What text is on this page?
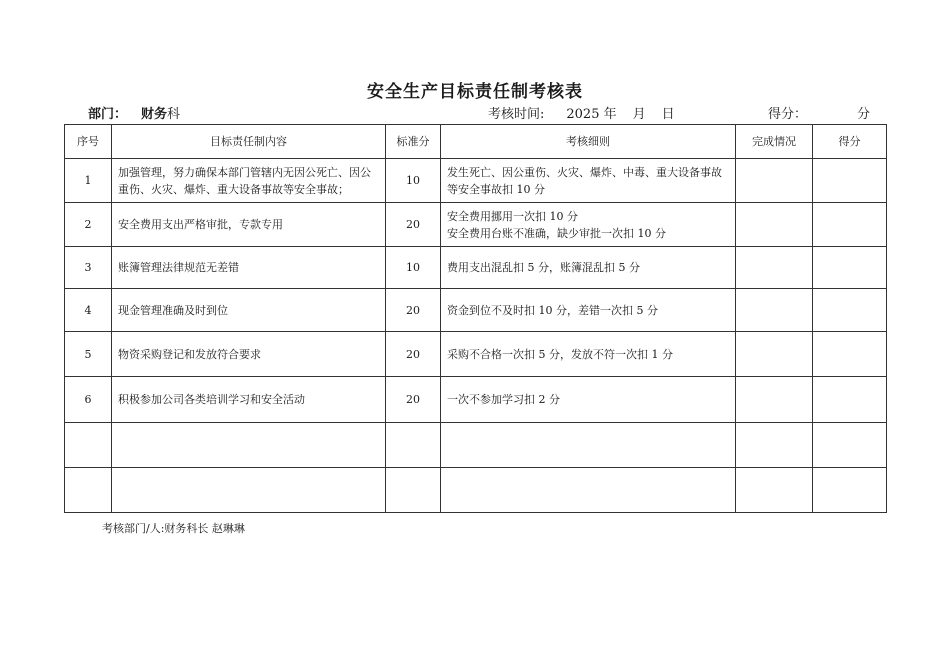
安全生产目标责任制考核表
部门： 财务科	考核时间: 2025 年 月 日	得分：	分
序号	目标责任制内容	标准分	考核细则	完成情况	得分
1	加强管理，努力确保本部门管辖内无因公死亡、因公重伤、火灾、爆炸、重大设备事故等安全事故；	10	发生死亡、因公重伤、火灾、爆炸、中毒、重大设备事故等安全事故扣 10 分		

2	安全费用支出严格审批，专款专用	20	安全费用挪用一次扣 10 分
安全费用台账不准确，缺少审批一次扣 10 分		

3	账簿管理法律规范无差错	10	费用支出混乱扣 5 分，账簿混乱扣 5 分		

4	现金管理准确及时到位	20	资金到位不及时扣 10 分，差错一次扣 5 分		

5	物资采购登记和发放符合要求	20	采购不合格一次扣 5 分，发放不符一次扣 1 分		

6	积极参加公司各类培训学习和安全活动	20	一次不参加学习扣 2 分		

考核部门/人:财务科长 赵琳琳
